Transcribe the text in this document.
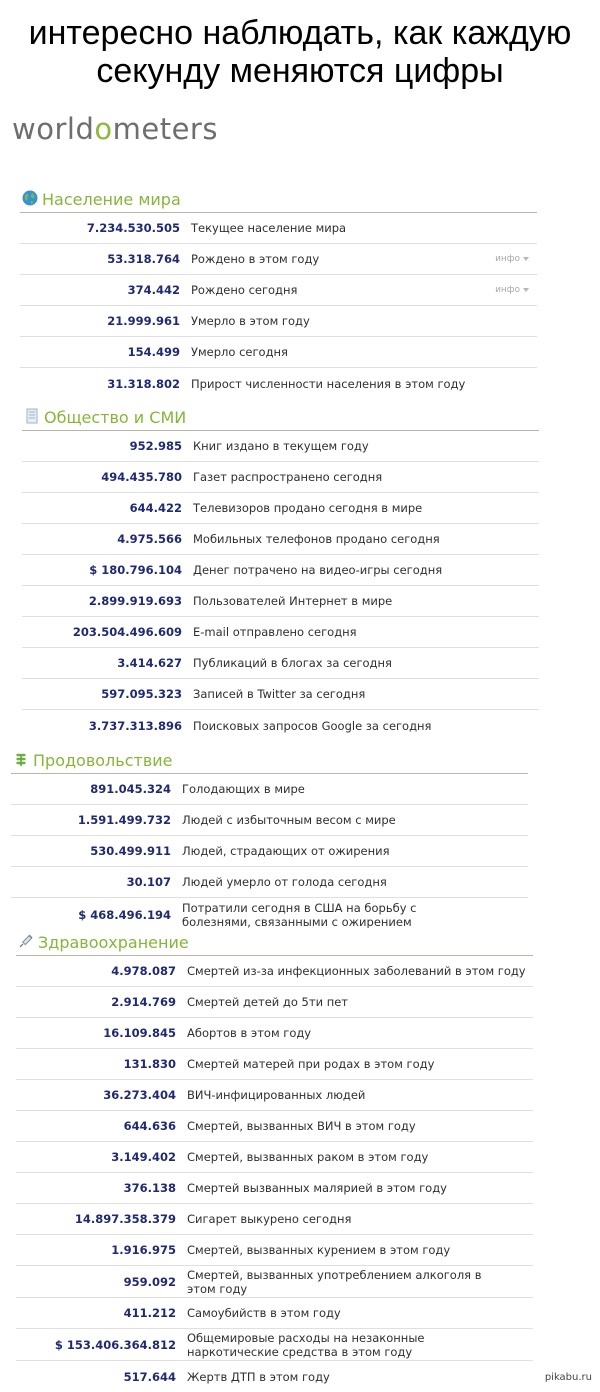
интересно наблюдать, как каждую секунду меняются цифры
worldometers
Население мира
7.234.530.505 Текущее население мира
53.318.764 Рождено в этом году	инфо
374.442 Рождено сегодня	инфо
21.999.961 Умерло в этом году
154.499 Умерло сегодня
31.318.802 Прирост численности населения в этом году
Общество и СМИ
952.985 Книг издано в текущем году
494.435.780 Газет распространено сегодня
644.422 Телевизоров продано сегодня в мире
4.975.566 Мобильных телефонов продано сегодня
$ 180.796.104 Денег потрачено на видео-игры сегодня
2.899.919.693 Пользователей Интернет в мире
203.504.496.609 E-mail отправлено сегодня
3.414.627 Публикаций в блогах за сегодня
597.095.323 Записей в Twitter за сегодня
3.737.313.896 Поисковых запросов Google за сегодня
Продовольствие
891.045.324 Голодающих в мире
1.591.499.732 Людей с избыточным весом с мире
530.499.911 Людей, страдающих от ожирения
30.107 Людей умерло от голода сегодня
$ 468.496.194 Потратили сегодня в США на борьбу с болезнями, связанными с ожирением
Здравоохранение
4.978.087 Смертей из-за инфекционных заболеваний в этом году
2.914.769 Смертей детей до 5ти пет
16.109.845 Абортов в этом году
131.830 Смертей матерей при родах в этом году
36.273.404 ВИЧ-инфицированных людей
644.636 Смертей, вызванных ВИЧ в этом году
3.149.402 Смертей, вызванных раком в этом году
376.138 Смертей вызванных малярией в этом году
14.897.358.379 Сигарет выкурено сегодня
1.916.975 Смертей, вызванных курением в этом году
959.092 Смертей, вызванных употреблением алкоголя в этом году
411.212 Самоубийств в этом году
$ 153.406.364.812 Общемировые расходы на незаконные наркотические средства в этом году
517.644 Жертв ДТП в этом году	pikabu.ru
